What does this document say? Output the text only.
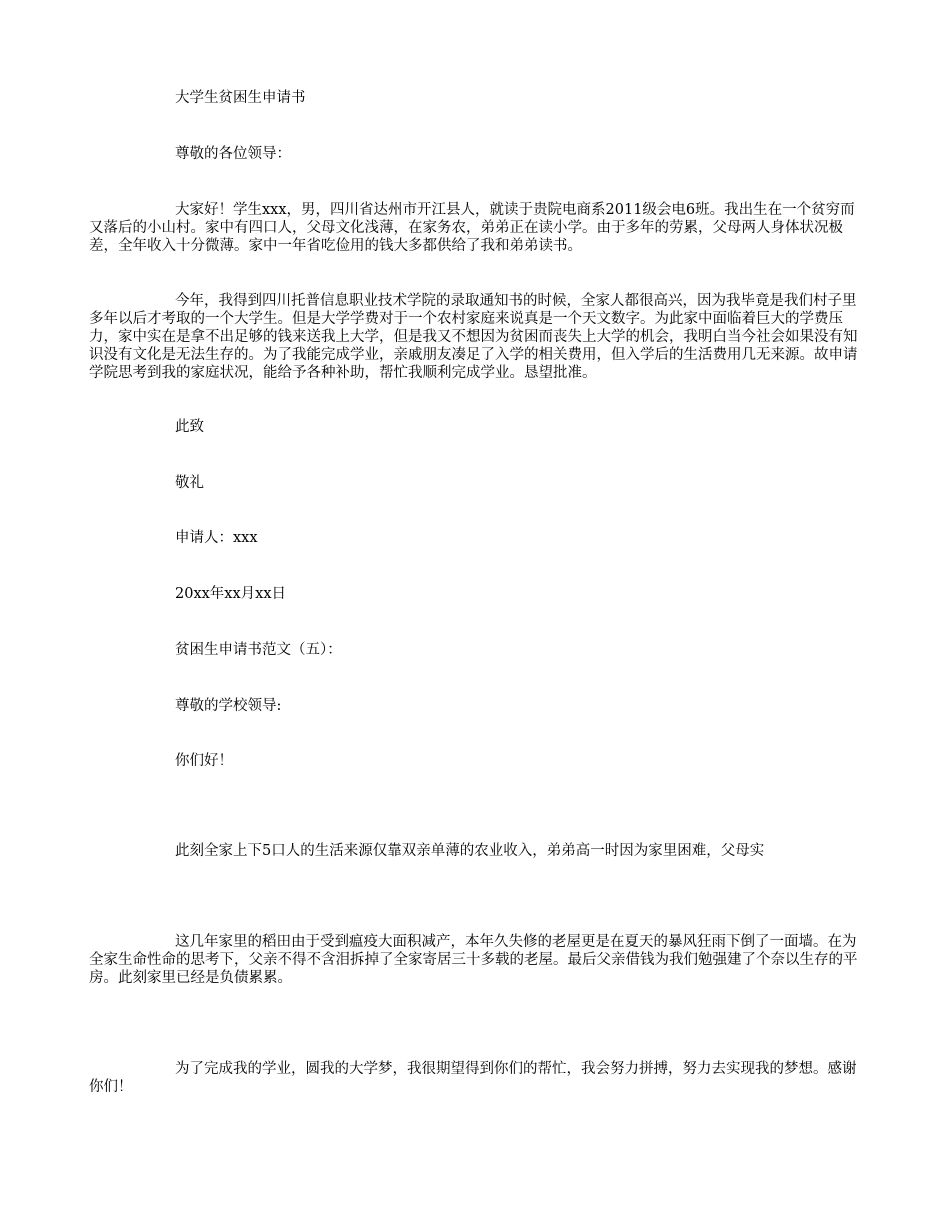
大学生贫困生申请书

尊敬的各位领导：

大家好！学生xxx，男，四川省达州市开江县人，就读于贵院电商系2011级会电6班。我出生在一个贫穷而又落后的小山村。家中有四口人，父母文化浅薄，在家务农，弟弟正在读小学。由于多年的劳累，父母两人身体状况极差，全年收入十分微薄。家中一年省吃俭用的钱大多都供给了我和弟弟读书。

今年，我得到四川托普信息职业技术学院的录取通知书的时候，全家人都很高兴，因为我毕竟是我们村子里多年以后才考取的一个大学生。但是大学学费对于一个农村家庭来说真是一个天文数字。为此家中面临着巨大的学费压力，家中实在是拿不出足够的钱来送我上大学，但是我又不想因为贫困而丧失上大学的机会，我明白当今社会如果没有知识没有文化是无法生存的。为了我能完成学业，亲戚朋友凑足了入学的相关费用，但入学后的生活费用几无来源。故申请学院思考到我的家庭状况，能给予各种补助，帮忙我顺利完成学业。恳望批准。

此致

敬礼

申请人：xxx

20xx年xx月xx日

贫困生申请书范文（五）：

尊敬的学校领导:

你们好！

此刻全家上下5口人的生活来源仅靠双亲单薄的农业收入，弟弟高一时因为家里困难，父母实

这几年家里的稻田由于受到瘟疫大面积减产，本年久失修的老屋更是在夏天的暴风狂雨下倒了一面墙。在为全家生命性命的思考下，父亲不得不含泪拆掉了全家寄居三十多载的老屋。最后父亲借钱为我们勉强建了个奈以生存的平房。此刻家里已经是负债累累。

为了完成我的学业，圆我的大学梦，我很期望得到你们的帮忙，我会努力拼搏，努力去实现我的梦想。感谢你们！
